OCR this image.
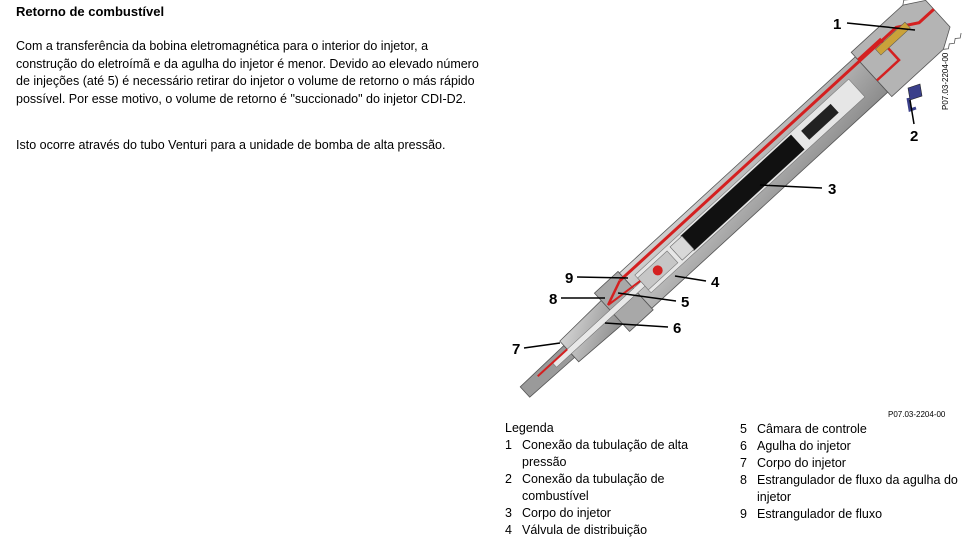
Retorno de combustível

Com a transferência da bobina eletromagnética para o interior do injetor, a construção do eletroímã e da agulha do injetor é menor. Devido ao elevado número de injeções (até 5) é necessário retirar do injetor o volume de retorno o más rápido possível. Por esse motivo, o volume de retorno é "succionado" do injetor CDI-D2.

Isto ocorre através do tubo Venturi para a unidade de bomba de alta pressão.

1
2
3
4
5
6
7
8
9
P07.03-2204-00
P07.03-2204-00
Legenda
1 Conexão da tubulação de alta pressão
2 Conexão da tubulação de combustível
3 Corpo do injetor
4 Válvula de distribuição
5 Câmara de controle
6 Agulha do injetor
7 Corpo do injetor
8 Estrangulador de fluxo da agulha do injetor
9 Estrangulador de fluxo
